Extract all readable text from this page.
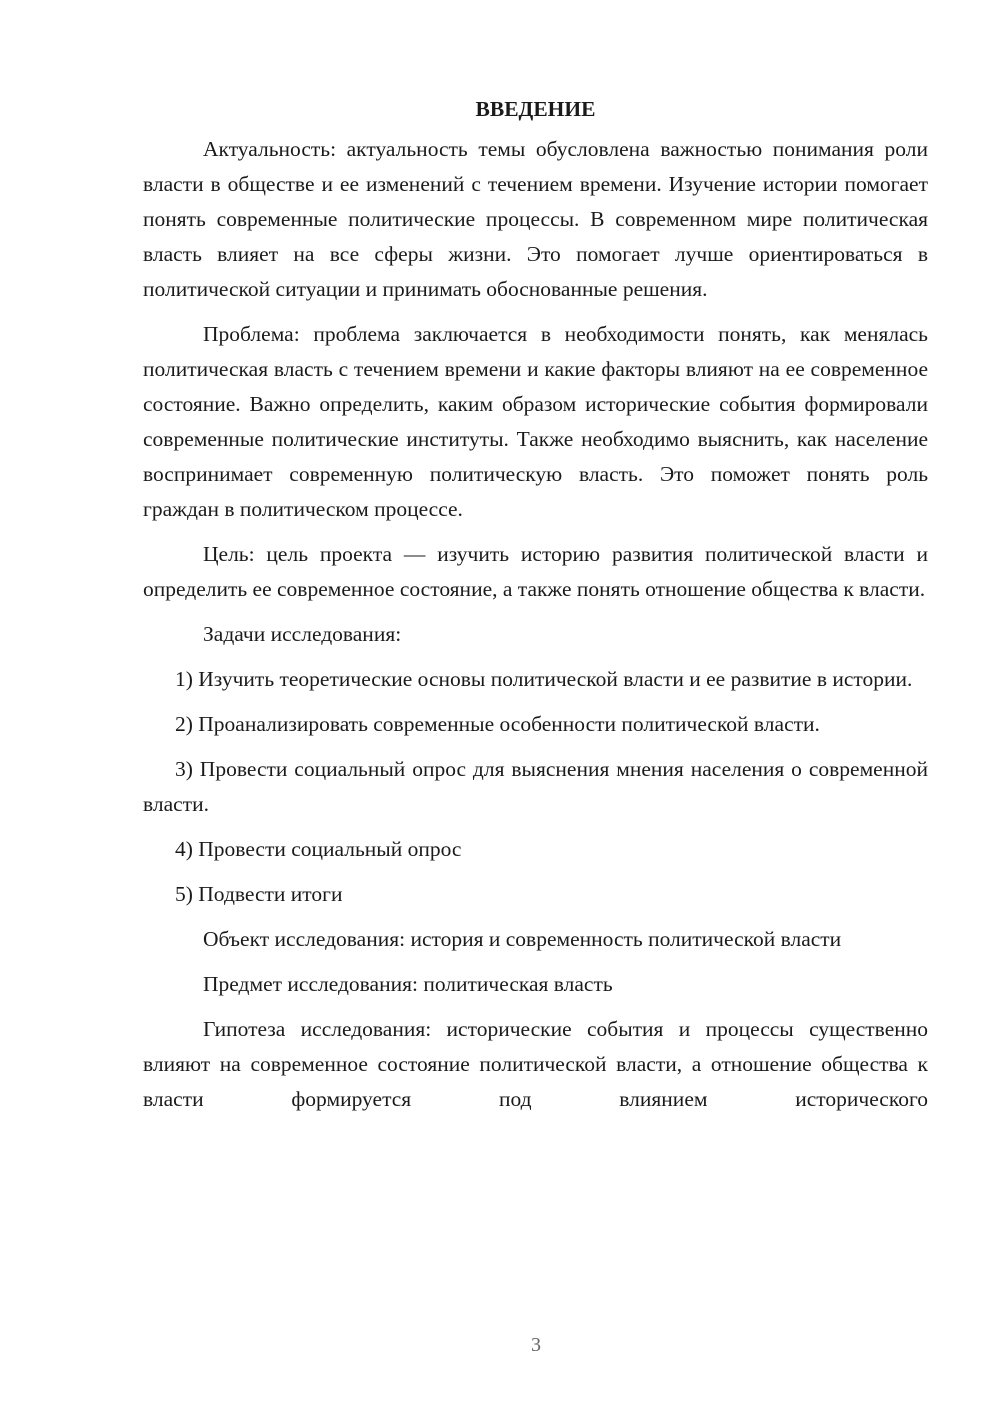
ВВЕДЕНИЕ

Актуальность: актуальность темы обусловлена важностью понимания роли власти в обществе и ее изменений с течением времени. Изучение истории помогает понять современные политические процессы. В современном мире политическая власть влияет на все сферы жизни. Это помогает лучше ориентироваться в политической ситуации и принимать обоснованные решения.

Проблема: проблема заключается в необходимости понять, как менялась политическая власть с течением времени и какие факторы влияют на ее современное состояние. Важно определить, каким образом исторические события формировали современные политические институты. Также необходимо выяснить, как население воспринимает современную политическую власть. Это поможет понять роль граждан в политическом процессе.

Цель: цель проекта — изучить историю развития политической власти и определить ее современное состояние, а также понять отношение общества к власти.

Задачи исследования:

1) Изучить теоретические основы политической власти и ее развитие в истории.

2) Проанализировать современные особенности политической власти.

3) Провести социальный опрос для выяснения мнения населения о современной власти.

4) Провести социальный опрос

5) Подвести итоги

Объект исследования: история и современность политической власти

Предмет исследования: политическая власть

Гипотеза исследования: исторические события и процессы существенно влияют на современное состояние политической власти, а отношение общества к власти формируется под влиянием исторического

3
